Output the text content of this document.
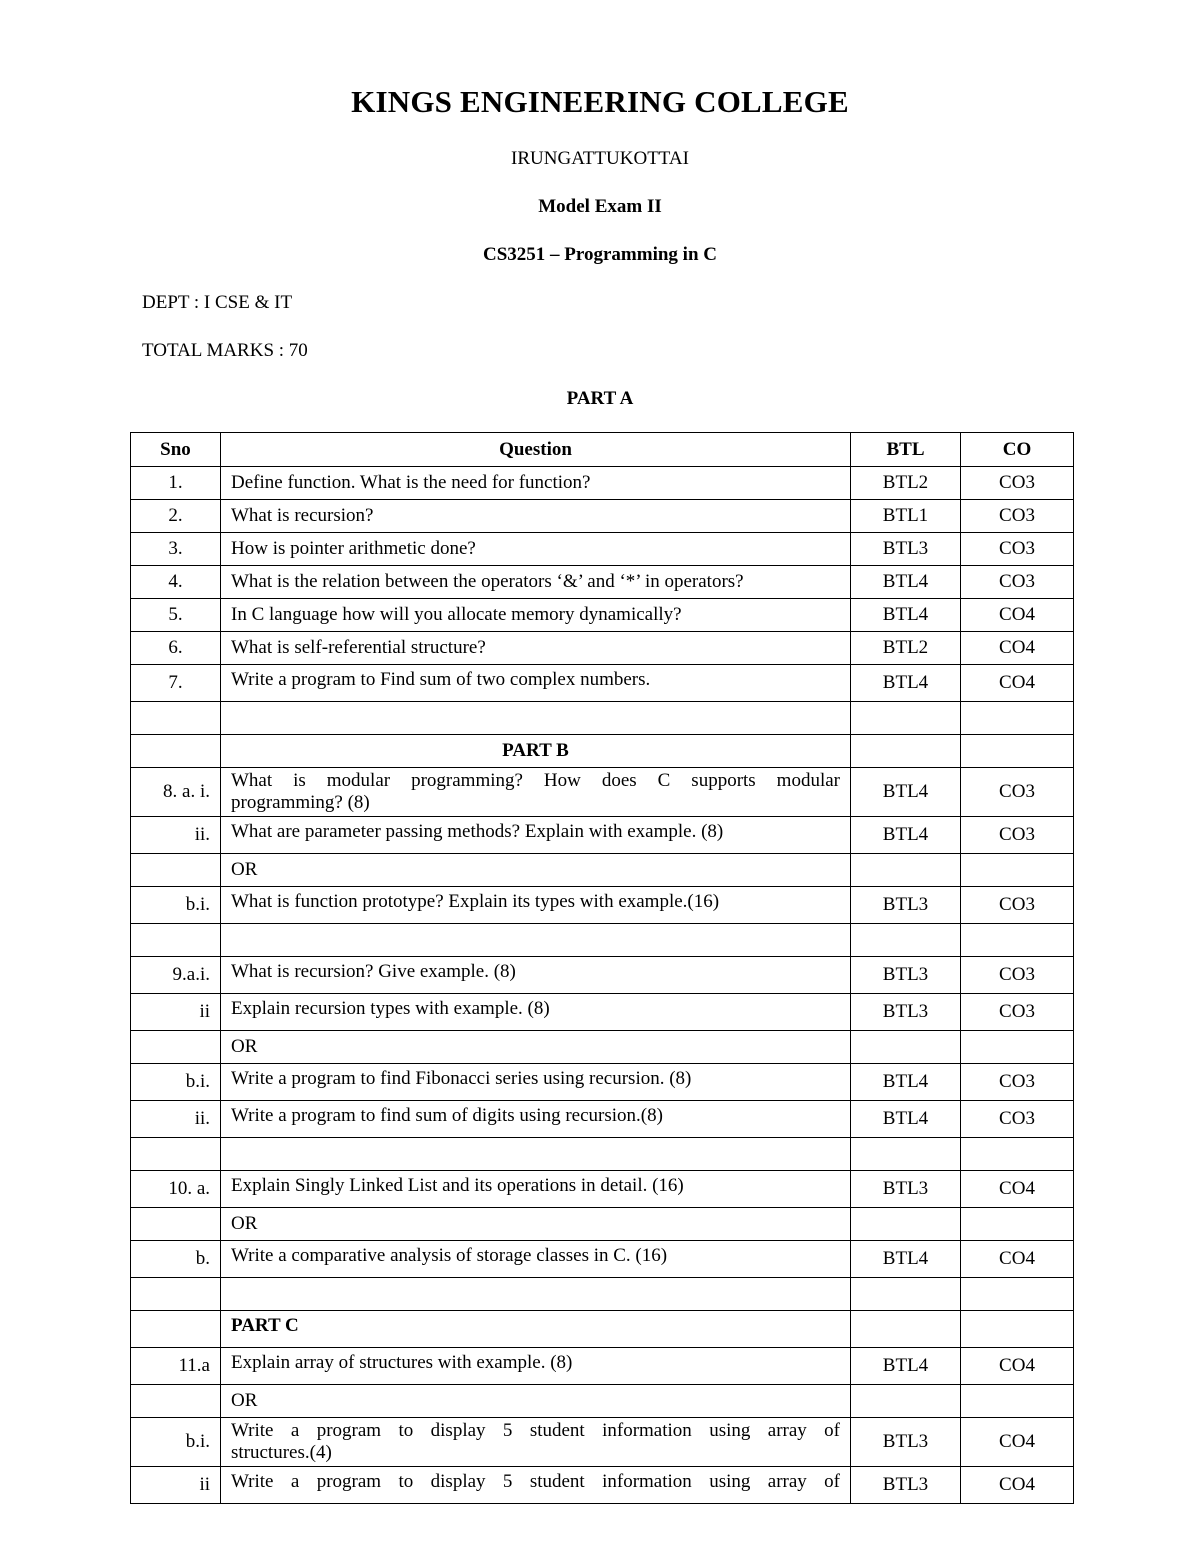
KINGS ENGINEERING COLLEGE
IRUNGATTUKOTTAI
Model Exam II
CS3251 – Programming in C
DEPT : I CSE & IT
TOTAL MARKS : 70
PART A
Sno	Question	BTL	CO
1.	Define function. What is the need for function?	BTL2	CO3
2.	What is recursion?	BTL1	CO3
3.	How is pointer arithmetic done?	BTL3	CO3
4.	What is the relation between the operators ‘&’ and ‘*’ in operators?	BTL4	CO3
5.	In C language how will you allocate memory dynamically?	BTL4	CO4
6.	What is self-referential structure?	BTL2	CO4
7.	Write a program to Find sum of two complex numbers.	BTL4	CO4

	PART B		
8. a. i.	What is modular programming? How does C supports modular
programming? (8)	BTL4	CO3
ii.	What are parameter passing methods? Explain with example. (8)	BTL4	CO3
	OR		
b.i.	What is function prototype? Explain its types with example.(16)	BTL3	CO3

9.a.i.	What is recursion? Give example. (8)	BTL3	CO3
ii	Explain recursion types with example. (8)	BTL3	CO3
	OR		
b.i.	Write a program to find Fibonacci series using recursion. (8)	BTL4	CO3
ii.	Write a program to find sum of digits using recursion.(8)	BTL4	CO3

10. a.	Explain Singly Linked List and its operations in detail. (16)	BTL3	CO4
	OR		
b.	Write a comparative analysis of storage classes in C. (16)	BTL4	CO4

	PART C		
11.a	Explain array of structures with example. (8)	BTL4	CO4
	OR		
b.i.	Write a program to display 5 student information using array of
structures.(4)	BTL3	CO4
ii	Write a program to display 5 student information using array of	BTL3	CO4
